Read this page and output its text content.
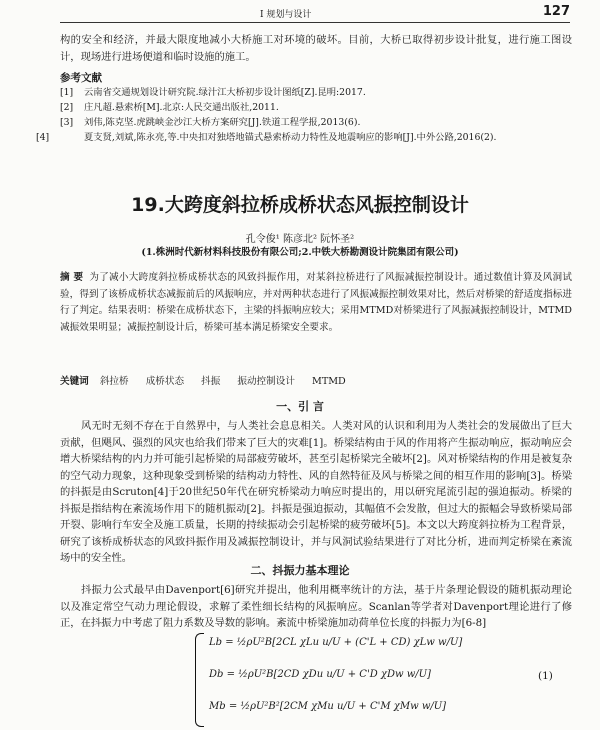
I 规划与设计	127
构的安全和经济，并最大限度地减小大桥施工对环境的破坏。目前，大桥已取得初步设计批复，进行施工图设计，现场进行进场便道和临时设施的施工。
参考文献
[1] 云南省交通规划设计研究院.绿汁江大桥初步设计图纸[Z].昆明:2017.
[2] 庄凡超.悬索桥[M].北京:人民交通出版社,2011.
[3] 刘伟,陈克坚.虎跳峡金沙江大桥方案研究[J].铁道工程学报,2013(6).
[4]	夏支贤,刘斌,陈永亮,等.中央扣对独塔地锚式悬索桥动力特性及地震响应的影响[J].中外公路,2016(2).
19.大跨度斜拉桥成桥状态风振控制设计
孔令俊¹ 陈彦北² 阮怀圣²
(1.株洲时代新材料科技股份有限公司;2.中铁大桥勘测设计院集团有限公司)
摘 要 为了减小大跨度斜拉桥成桥状态的风致抖振作用，对某斜拉桥进行了风振减振控制设计。通过数值计算及风洞试验，得到了该桥成桥状态减振前后的风振响应，并对两种状态进行了风振减振控制效果对比，然后对桥梁的舒适度指标进行了判定。结果表明：桥梁在成桥状态下，主梁的抖振响应较大；采用MTMD对桥梁进行了风振减振控制设计，MTMD减振效果明显；减振控制设计后，桥梁可基本满足桥梁安全要求。
关键词 斜拉桥 成桥状态 抖振 振动控制设计 MTMD
一、引 言
风无时无刻不存在于自然界中，与人类社会息息相关。人类对风的认识和利用为人类社会的发展做出了巨大贡献，但飓风、强烈的风灾也给我们带来了巨大的灾难[1]。桥梁结构由于风的作用将产生振动响应，振动响应会增大桥梁结构的内力并可能引起桥梁的局部疲劳破坏，甚至引起桥梁完全破坏[2]。风对桥梁结构的作用是被复杂的空气动力现象，这种现象受到桥梁的结构动力特性、风的自然特征及风与桥梁之间的相互作用的影响[3]。桥梁的抖振是由Scruton[4]于20世纪50年代在研究桥梁动力响应时提出的，用以研究尾流引起的强迫振动。桥梁的抖振是指结构在紊流场作用下的随机振动[2]。抖振是强迫振动，其幅值不会发散，但过大的振幅会导致桥梁局部开裂、影响行车安全及施工质量，长期的持续振动会引起桥梁的疲劳破坏[5]。本文以大跨度斜拉桥为工程背景，研究了该桥成桥状态的风致抖振作用及减振控制设计，并与风洞试验结果进行了对比分析，进而判定桥梁在紊流场中的安全性。
二、抖振力基本理论
抖振力公式最早由Davenport[6]研究并提出，他利用概率统计的方法，基于片条理论假设的随机振动理论以及准定常空气动力理论假设，求解了柔性细长结构的风振响应。Scanlan等学者对Davenport理论进行了修正，在抖振力中考虑了阻力系数及导数的影响。紊流中桥梁施加动荷单位长度的抖振力为[6-8]
Lb = ½ρU²B[2CL χLu u/U + (C'L + CD) χLw w/U]
Db = ½ρU²B[2CD χDu u/U + C'D χDw w/U]
Mb = ½ρU²B²[2CM χMu u/U + C'M χMw w/U]
(1)
